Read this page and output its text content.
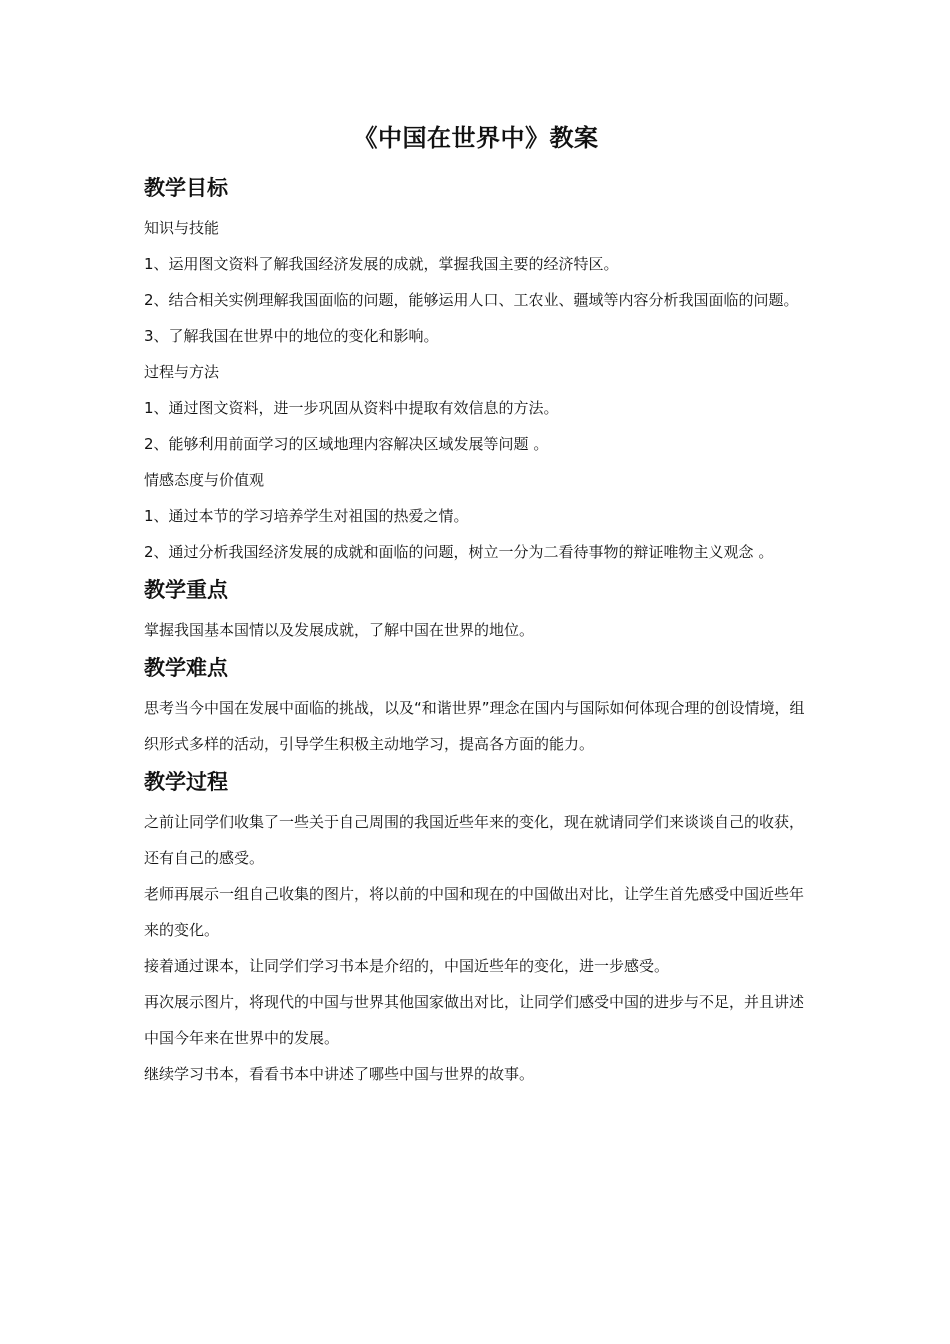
《中国在世界中》教案
教学目标

知识与技能

1、运用图文资料了解我国经济发展的成就，掌握我国主要的经济特区。

2、结合相关实例理解我国面临的问题，能够运用人口、工农业、疆域等内容分析我国面临的问题。

3、了解我国在世界中的地位的变化和影响。

过程与方法

1、通过图文资料，进一步巩固从资料中提取有效信息的方法。

2、能够利用前面学习的区域地理内容解决区域发展等问题 。

情感态度与价值观

1、通过本节的学习培养学生对祖国的热爱之情。

2、通过分析我国经济发展的成就和面临的问题，树立一分为二看待事物的辩证唯物主义观念 。

教学重点

掌握我国基本国情以及发展成就，了解中国在世界的地位。

教学难点

思考当今中国在发展中面临的挑战，以及“和谐世界”理念在国内与国际如何体现合理的创设情境，组织形式多样的活动，引导学生积极主动地学习，提高各方面的能力。

教学过程

之前让同学们收集了一些关于自己周围的我国近些年来的变化，现在就请同学们来谈谈自己的收获，还有自己的感受。

老师再展示一组自己收集的图片，将以前的中国和现在的中国做出对比，让学生首先感受中国近些年来的变化。

接着通过课本，让同学们学习书本是介绍的，中国近些年的变化，进一步感受。

再次展示图片，将现代的中国与世界其他国家做出对比，让同学们感受中国的进步与不足，并且讲述中国今年来在世界中的发展。

继续学习书本，看看书本中讲述了哪些中国与世界的故事。
